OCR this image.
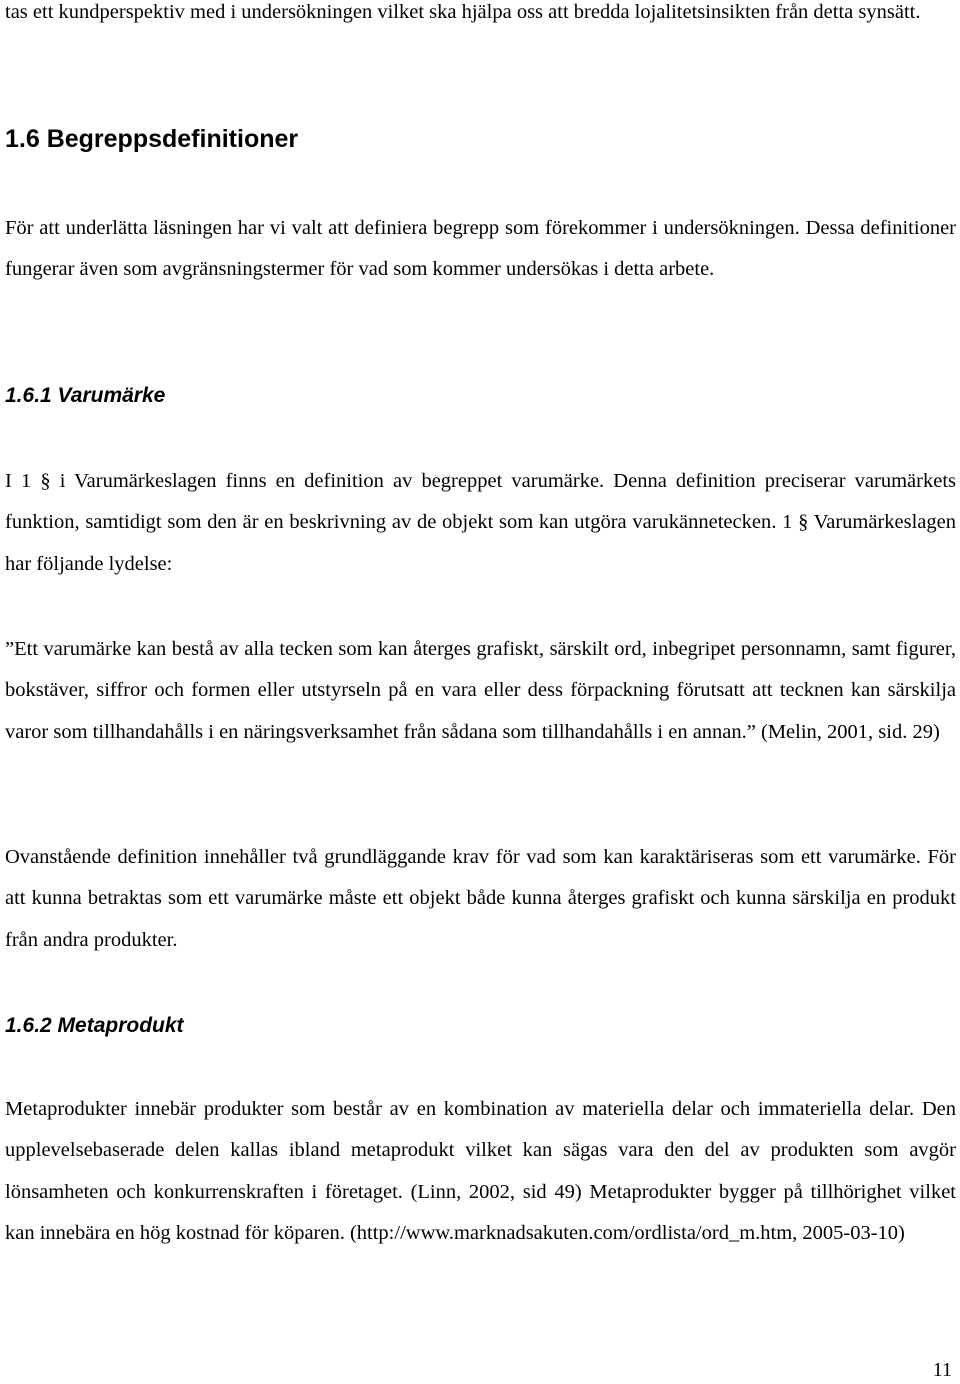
tas ett kundperspektiv med i undersökningen vilket ska hjälpa oss att bredda lojalitetsinsikten från detta synsätt.

1.6 Begreppsdefinitioner

För att underlätta läsningen har vi valt att definiera begrepp som förekommer i undersökningen. Dessa definitioner fungerar även som avgränsningstermer för vad som kommer undersökas i detta arbete.

1.6.1 Varumärke

I 1 § i Varumärkeslagen finns en definition av begreppet varumärke. Denna definition preciserar varumärkets funktion, samtidigt som den är en beskrivning av de objekt som kan utgöra varukännetecken. 1 § Varumärkeslagen har följande lydelse:

”Ett varumärke kan bestå av alla tecken som kan återges grafiskt, särskilt ord, inbegripet personnamn, samt figurer, bokstäver, siffror och formen eller utstyrseln på en vara eller dess förpackning förutsatt att tecknen kan särskilja varor som tillhandahålls i en näringsverksamhet från sådana som tillhandahålls i en annan.” (Melin, 2001, sid. 29)

Ovanstående definition innehåller två grundläggande krav för vad som kan karaktäriseras som ett varumärke. För att kunna betraktas som ett varumärke måste ett objekt både kunna återges grafiskt och kunna särskilja en produkt från andra produkter.

1.6.2 Metaprodukt

Metaprodukter innebär produkter som består av en kombination av materiella delar och immateriella delar. Den upplevelsebaserade delen kallas ibland metaprodukt vilket kan sägas vara den del av produkten som avgör lönsamheten och konkurrenskraften i företaget. (Linn, 2002, sid 49) Metaprodukter bygger på tillhörighet vilket kan innebära en hög kostnad för köparen. (http://www.marknadsakuten.com/ordlista/ord_m.htm, 2005-03-10)

11
